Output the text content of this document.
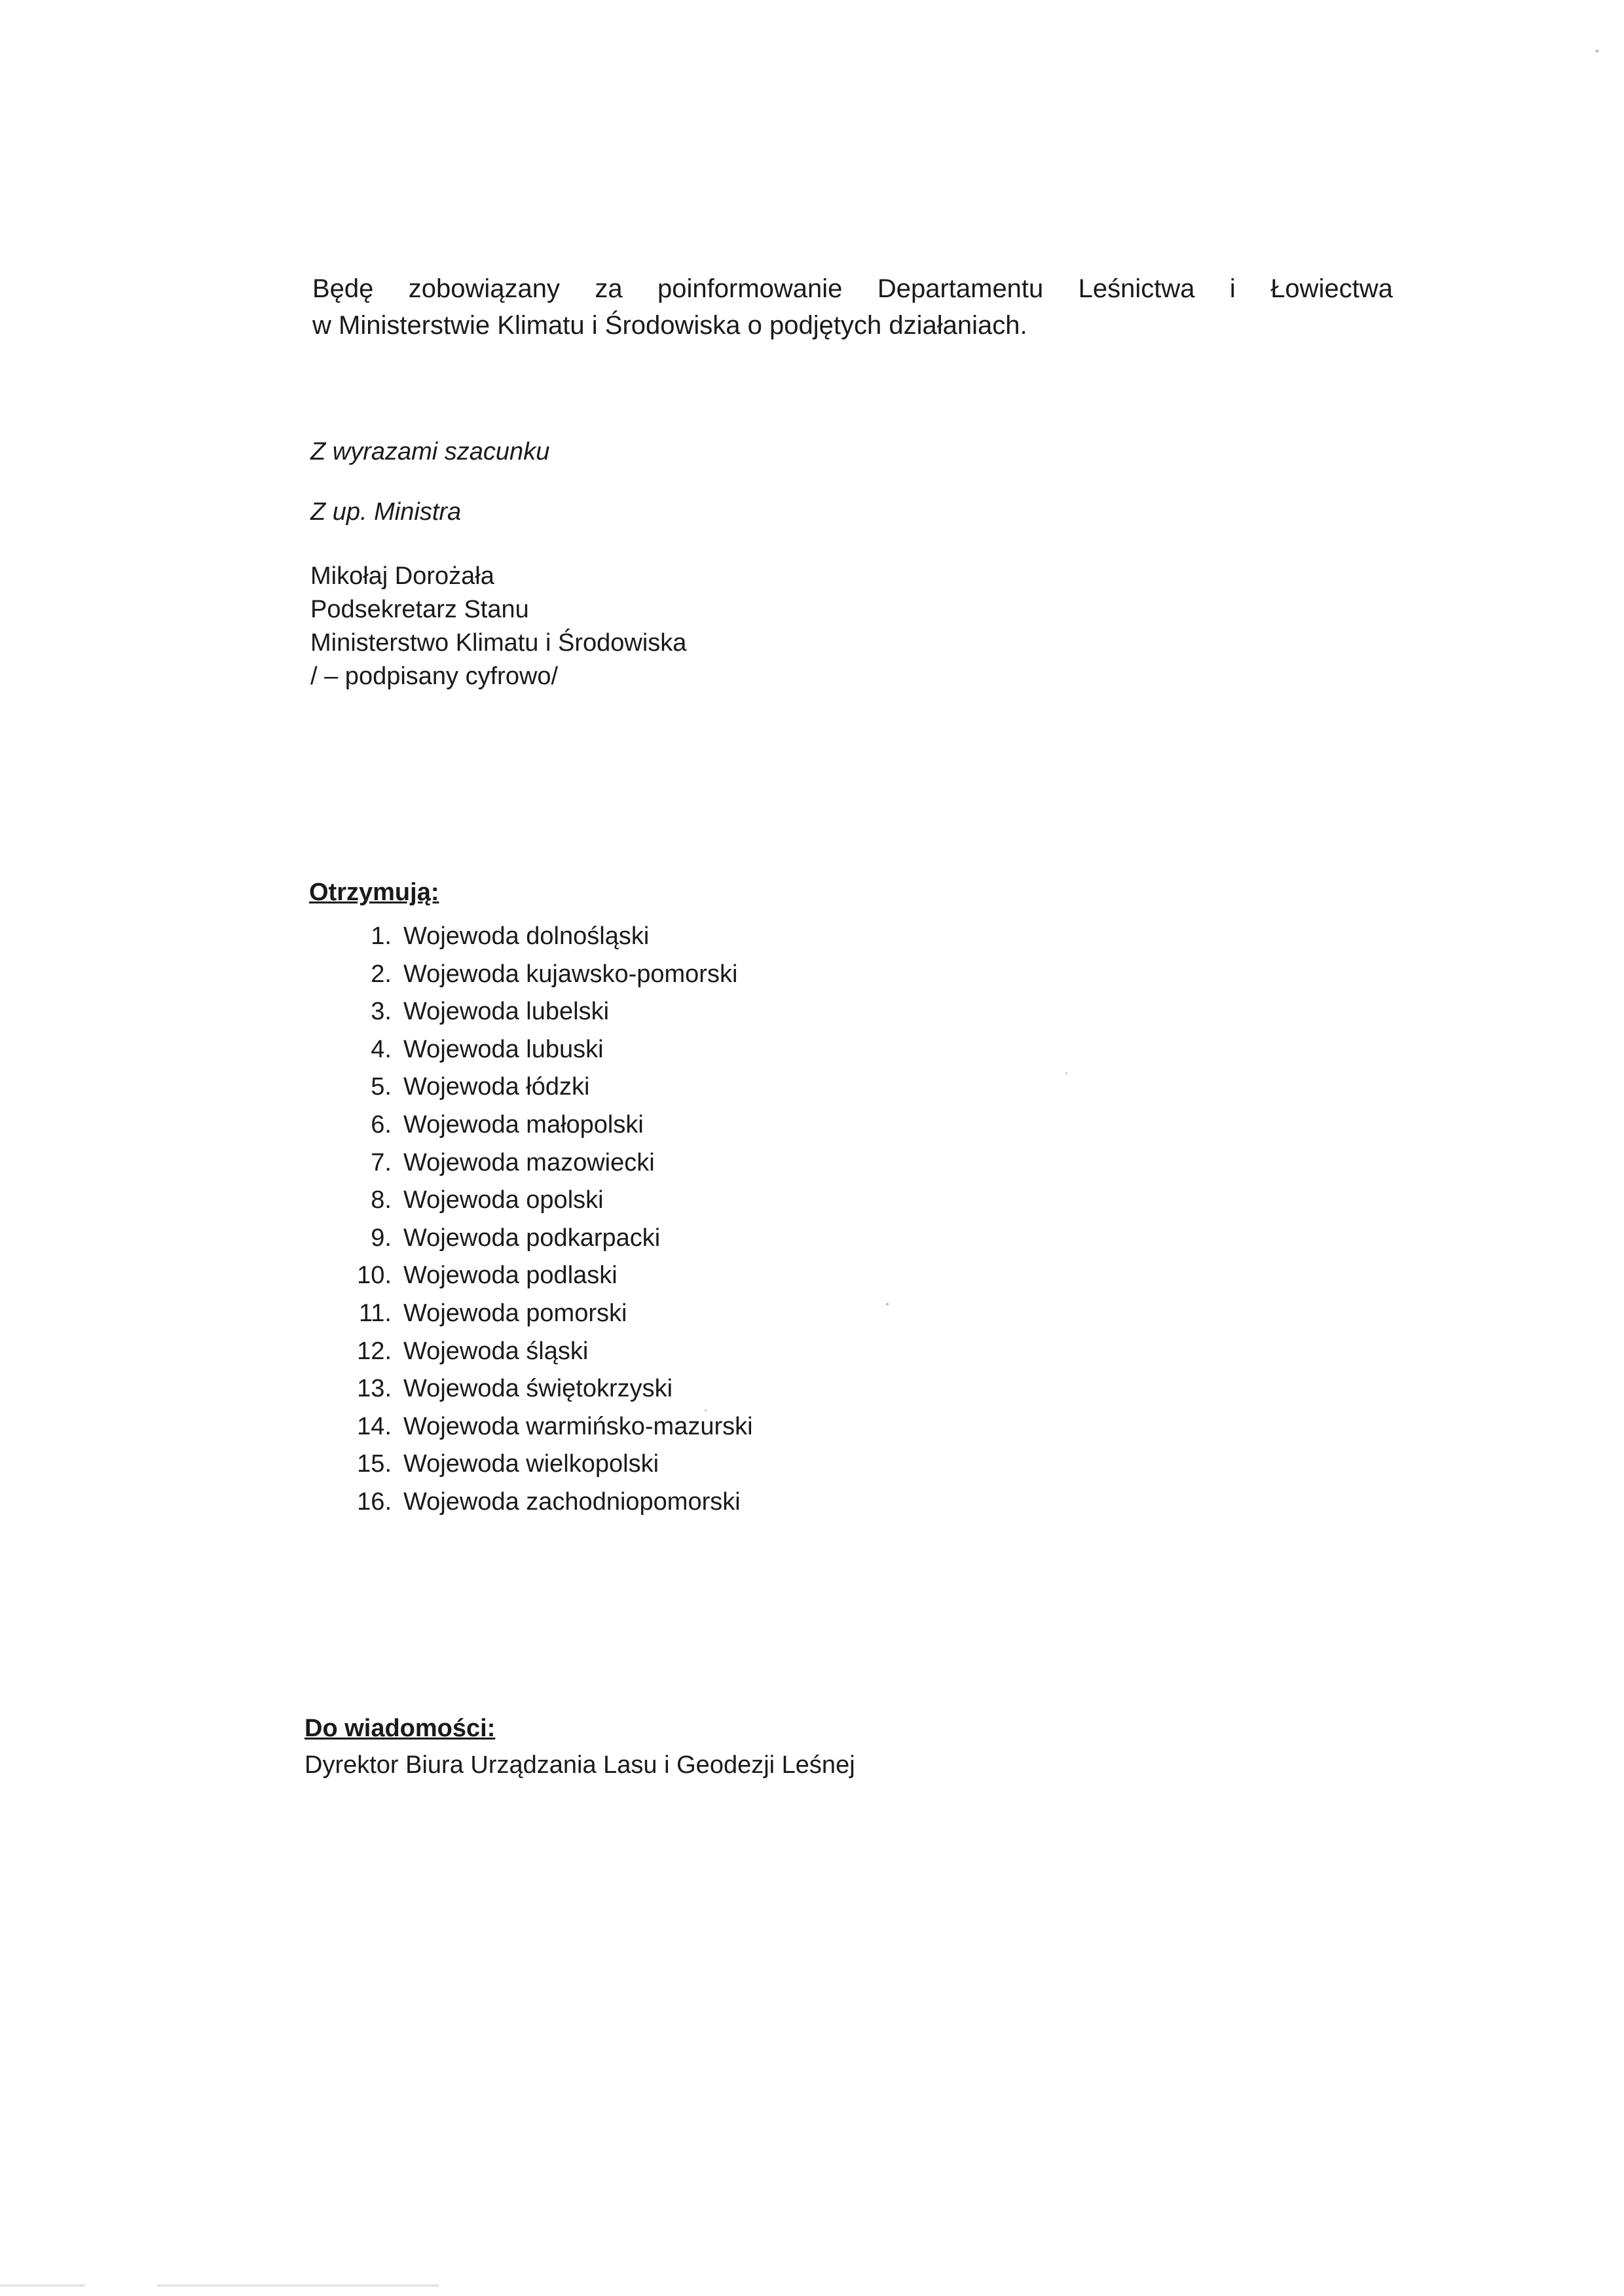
Będę zobowiązany za poinformowanie Departamentu Leśnictwa i Łowiectwa
w Ministerstwie Klimatu i Środowiska o podjętych działaniach.
Z wyrazami szacunku
Z up. Ministra
Mikołaj Dorożała
Podsekretarz Stanu
Ministerstwo Klimatu i Środowiska
/ – podpisany cyfrowo/
Otrzymują:
1. Wojewoda dolnośląski
2. Wojewoda kujawsko-pomorski
3. Wojewoda lubelski
4. Wojewoda lubuski
5. Wojewoda łódzki
6. Wojewoda małopolski
7. Wojewoda mazowiecki
8. Wojewoda opolski
9. Wojewoda podkarpacki
10. Wojewoda podlaski
11. Wojewoda pomorski
12. Wojewoda śląski
13. Wojewoda świętokrzyski
14. Wojewoda warmińsko-mazurski
15. Wojewoda wielkopolski
16. Wojewoda zachodniopomorski
Do wiadomości:
Dyrektor Biura Urządzania Lasu i Geodezji Leśnej
